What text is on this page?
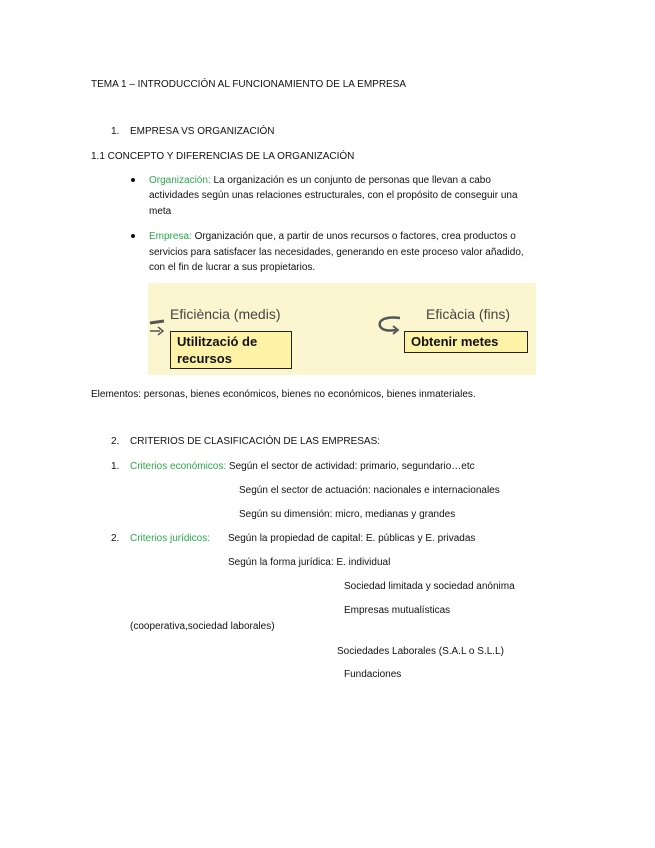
TEMA 1 – INTRODUCCIÓN AL FUNCIONAMIENTO DE LA EMPRESA
1. EMPRESA VS ORGANIZACIÓN
1.1 CONCEPTO Y DIFERENCIAS DE LA ORGANIZACIÓN
Organización: La organización es un conjunto de personas que llevan a cabo
actividades según unas relaciones estructurales, con el propósito de conseguir una
meta
Empresa: Organización que, a partir de unos recursos o factores, crea productos o
servicios para satisfacer las necesidades, generando en este proceso valor añadido,
con el fin de lucrar a sus propietarios.
Eficiència (medis)
Utilització de
recursos
Eficàcia (fins)
Obtenir metes
Elementos: personas, bienes económicos, bienes no económicos, bienes inmateriales.
2. CRITERIOS DE CLASIFICACIÓN DE LAS EMPRESAS:
1. Criterios económicos: Según el sector de actividad: primario, segundario…etc
Según el sector de actuación: nacionales e internacionales
Según su dimensión: micro, medianas y grandes
2. Criterios jurídicos: Según la propiedad de capital: E. públicas y E. privadas
Según la forma jurídica: E. individual
Sociedad limitada y sociedad anónima
Empresas mutualísticas
(cooperativa,sociedad laborales)
Sociedades Laborales (S.A.L o S.L.L)
Fundaciones
